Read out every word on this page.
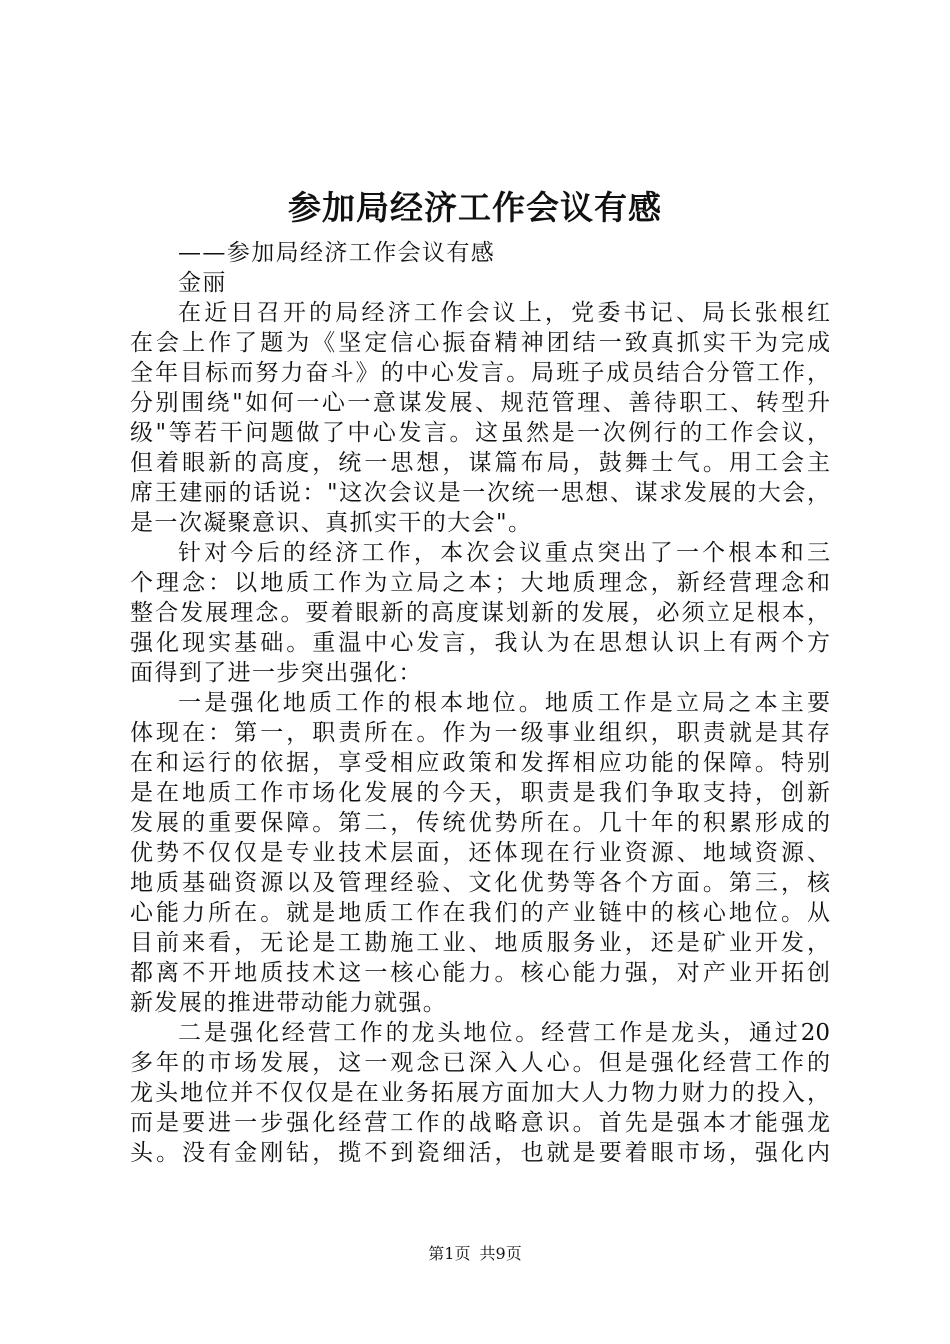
参加局经济工作会议有感
——参加局经济工作会议有感
金丽
在近日召开的局经济工作会议上，党委书记、局长张根红
在会上作了题为《坚定信心振奋精神团结一致真抓实干为完成
全年目标而努力奋斗》的中心发言。局班子成员结合分管工作，
分别围绕"如何一心一意谋发展、规范管理、善待职工、转型升
级"等若干问题做了中心发言。这虽然是一次例行的工作会议，
但着眼新的高度，统一思想，谋篇布局，鼓舞士气。用工会主
席王建丽的话说："这次会议是一次统一思想、谋求发展的大会，
是一次凝聚意识、真抓实干的大会"。
针对今后的经济工作，本次会议重点突出了一个根本和三
个理念：以地质工作为立局之本；大地质理念，新经营理念和
整合发展理念。要着眼新的高度谋划新的发展，必须立足根本，
强化现实基础。重温中心发言，我认为在思想认识上有两个方
面得到了进一步突出强化：
一是强化地质工作的根本地位。地质工作是立局之本主要
体现在：第一，职责所在。作为一级事业组织，职责就是其存
在和运行的依据，享受相应政策和发挥相应功能的保障。特别
是在地质工作市场化发展的今天，职责是我们争取支持，创新
发展的重要保障。第二，传统优势所在。几十年的积累形成的
优势不仅仅是专业技术层面，还体现在行业资源、地域资源、
地质基础资源以及管理经验、文化优势等各个方面。第三，核
心能力所在。就是地质工作在我们的产业链中的核心地位。从
目前来看，无论是工勘施工业、地质服务业，还是矿业开发，
都离不开地质技术这一核心能力。核心能力强，对产业开拓创
新发展的推进带动能力就强。
二是强化经营工作的龙头地位。经营工作是龙头，通过20
多年的市场发展，这一观念已深入人心。但是强化经营工作的
龙头地位并不仅仅是在业务拓展方面加大人力物力财力的投入，
而是要进一步强化经营工作的战略意识。首先是强本才能强龙
头。没有金刚钻，揽不到瓷细活，也就是要着眼市场，强化内
第1页 共9页
